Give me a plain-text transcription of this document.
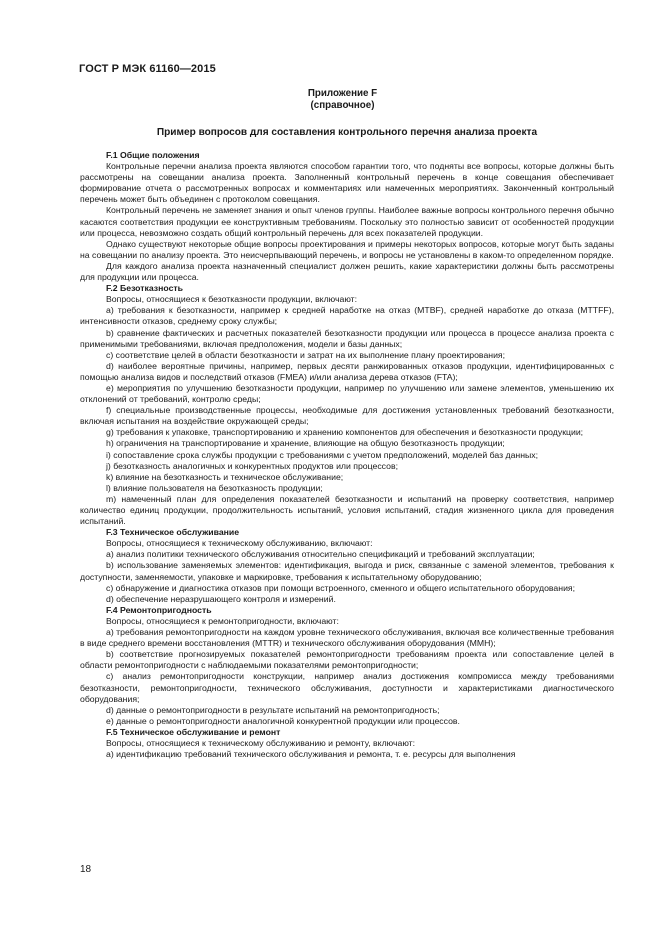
ГОСТ Р МЭК 61160—2015
Приложение F
(справочное)
Пример вопросов для составления контрольного перечня анализа проекта

F.1 Общие положения

Контрольные перечни анализа проекта являются способом гарантии того, что подняты все вопросы, которые должны быть рассмотрены на совещании анализа проекта. Заполненный контрольный перечень в конце совещания обеспечивает формирование отчета о рассмотренных вопросах и комментариях или намеченных мероприятиях. Законченный контрольный перечень может быть объединен с протоколом совещания.

Контрольный перечень не заменяет знания и опыт членов группы. Наиболее важные вопросы контрольного перечня обычно касаются соответствия продукции ее конструктивным требованиям. Поскольку это полностью зависит от особенностей продукции или процесса, невозможно создать общий контрольный перечень для всех показателей продукции.

Однако существуют некоторые общие вопросы проектирования и примеры некоторых вопросов, которые могут быть заданы на совещании по анализу проекта. Это неисчерпывающий перечень, и вопросы не установлены в каком-то определенном порядке.

Для каждого анализа проекта назначенный специалист должен решить, какие характеристики должны быть рассмотрены для продукции или процесса.

F.2 Безотказность

Вопросы, относящиеся к безотказности продукции, включают:

a) требования к безотказности, например к средней наработке на отказ (MTBF), средней наработке до отказа (MTTFF), интенсивности отказов, среднему сроку службы;

b) сравнение фактических и расчетных показателей безотказности продукции или процесса в процессе анализа проекта с применимыми требованиями, включая предположения, модели и базы данных;

c) соответствие целей в области безотказности и затрат на их выполнение плану проектирования;

d) наиболее вероятные причины, например, первых десяти ранжированных отказов продукции, идентифицированных с помощью анализа видов и последствий отказов (FMEA) и/или анализа дерева отказов (FTA);

e) мероприятия по улучшению безотказности продукции, например по улучшению или замене элементов, уменьшению их отклонений от требований, контролю среды;

f) специальные производственные процессы, необходимые для достижения установленных требований безотказности, включая испытания на воздействие окружающей среды;

g) требования к упаковке, транспортированию и хранению компонентов для обеспечения и безотказности продукции;

h) ограничения на транспортирование и хранение, влияющие на общую безотказность продукции;

i) сопоставление срока службы продукции с требованиями с учетом предположений, моделей баз данных;

j) безотказность аналогичных и конкурентных продуктов или процессов;

k) влияние на безотказность и техническое обслуживание;

l) влияние пользователя на безотказность продукции;

m) намеченный план для определения показателей безотказности и испытаний на проверку соответствия, например количество единиц продукции, продолжительность испытаний, условия испытаний, стадия жизненного цикла для проведения испытаний.

F.3 Техническое обслуживание

Вопросы, относящиеся к техническому обслуживанию, включают:

a) анализ политики технического обслуживания относительно спецификаций и требований эксплуатации;

b) использование заменяемых элементов: идентификация, выгода и риск, связанные с заменой элементов, требования к доступности, заменяемости, упаковке и маркировке, требования к испытательному оборудованию;

c) обнаружение и диагностика отказов при помощи встроенного, сменного и общего испытательного оборудования;

d) обеспечение неразрушающего контроля и измерений.

F.4 Ремонтопригодность

Вопросы, относящиеся к ремонтопригодности, включают:

a) требования ремонтопригодности на каждом уровне технического обслуживания, включая все количественные требования в виде среднего времени восстановления (MTTR) и технического обслуживания оборудования (MMH);

b) соответствие прогнозируемых показателей ремонтопригодности требованиям проекта или сопоставление целей в области ремонтопригодности с наблюдаемыми показателями ремонтопригодности;

c) анализ ремонтопригодности конструкции, например анализ достижения компромисса между требованиями безотказности, ремонтопригодности, технического обслуживания, доступности и характеристиками диагностического оборудования;

d) данные о ремонтопригодности в результате испытаний на ремонтопригодность;

e) данные о ремонтопригодности аналогичной конкурентной продукции или процессов.

F.5 Техническое обслуживание и ремонт

Вопросы, относящиеся к техническому обслуживанию и ремонту, включают:

a) идентификацию требований технического обслуживания и ремонта, т. е. ресурсы для выполнения

18
